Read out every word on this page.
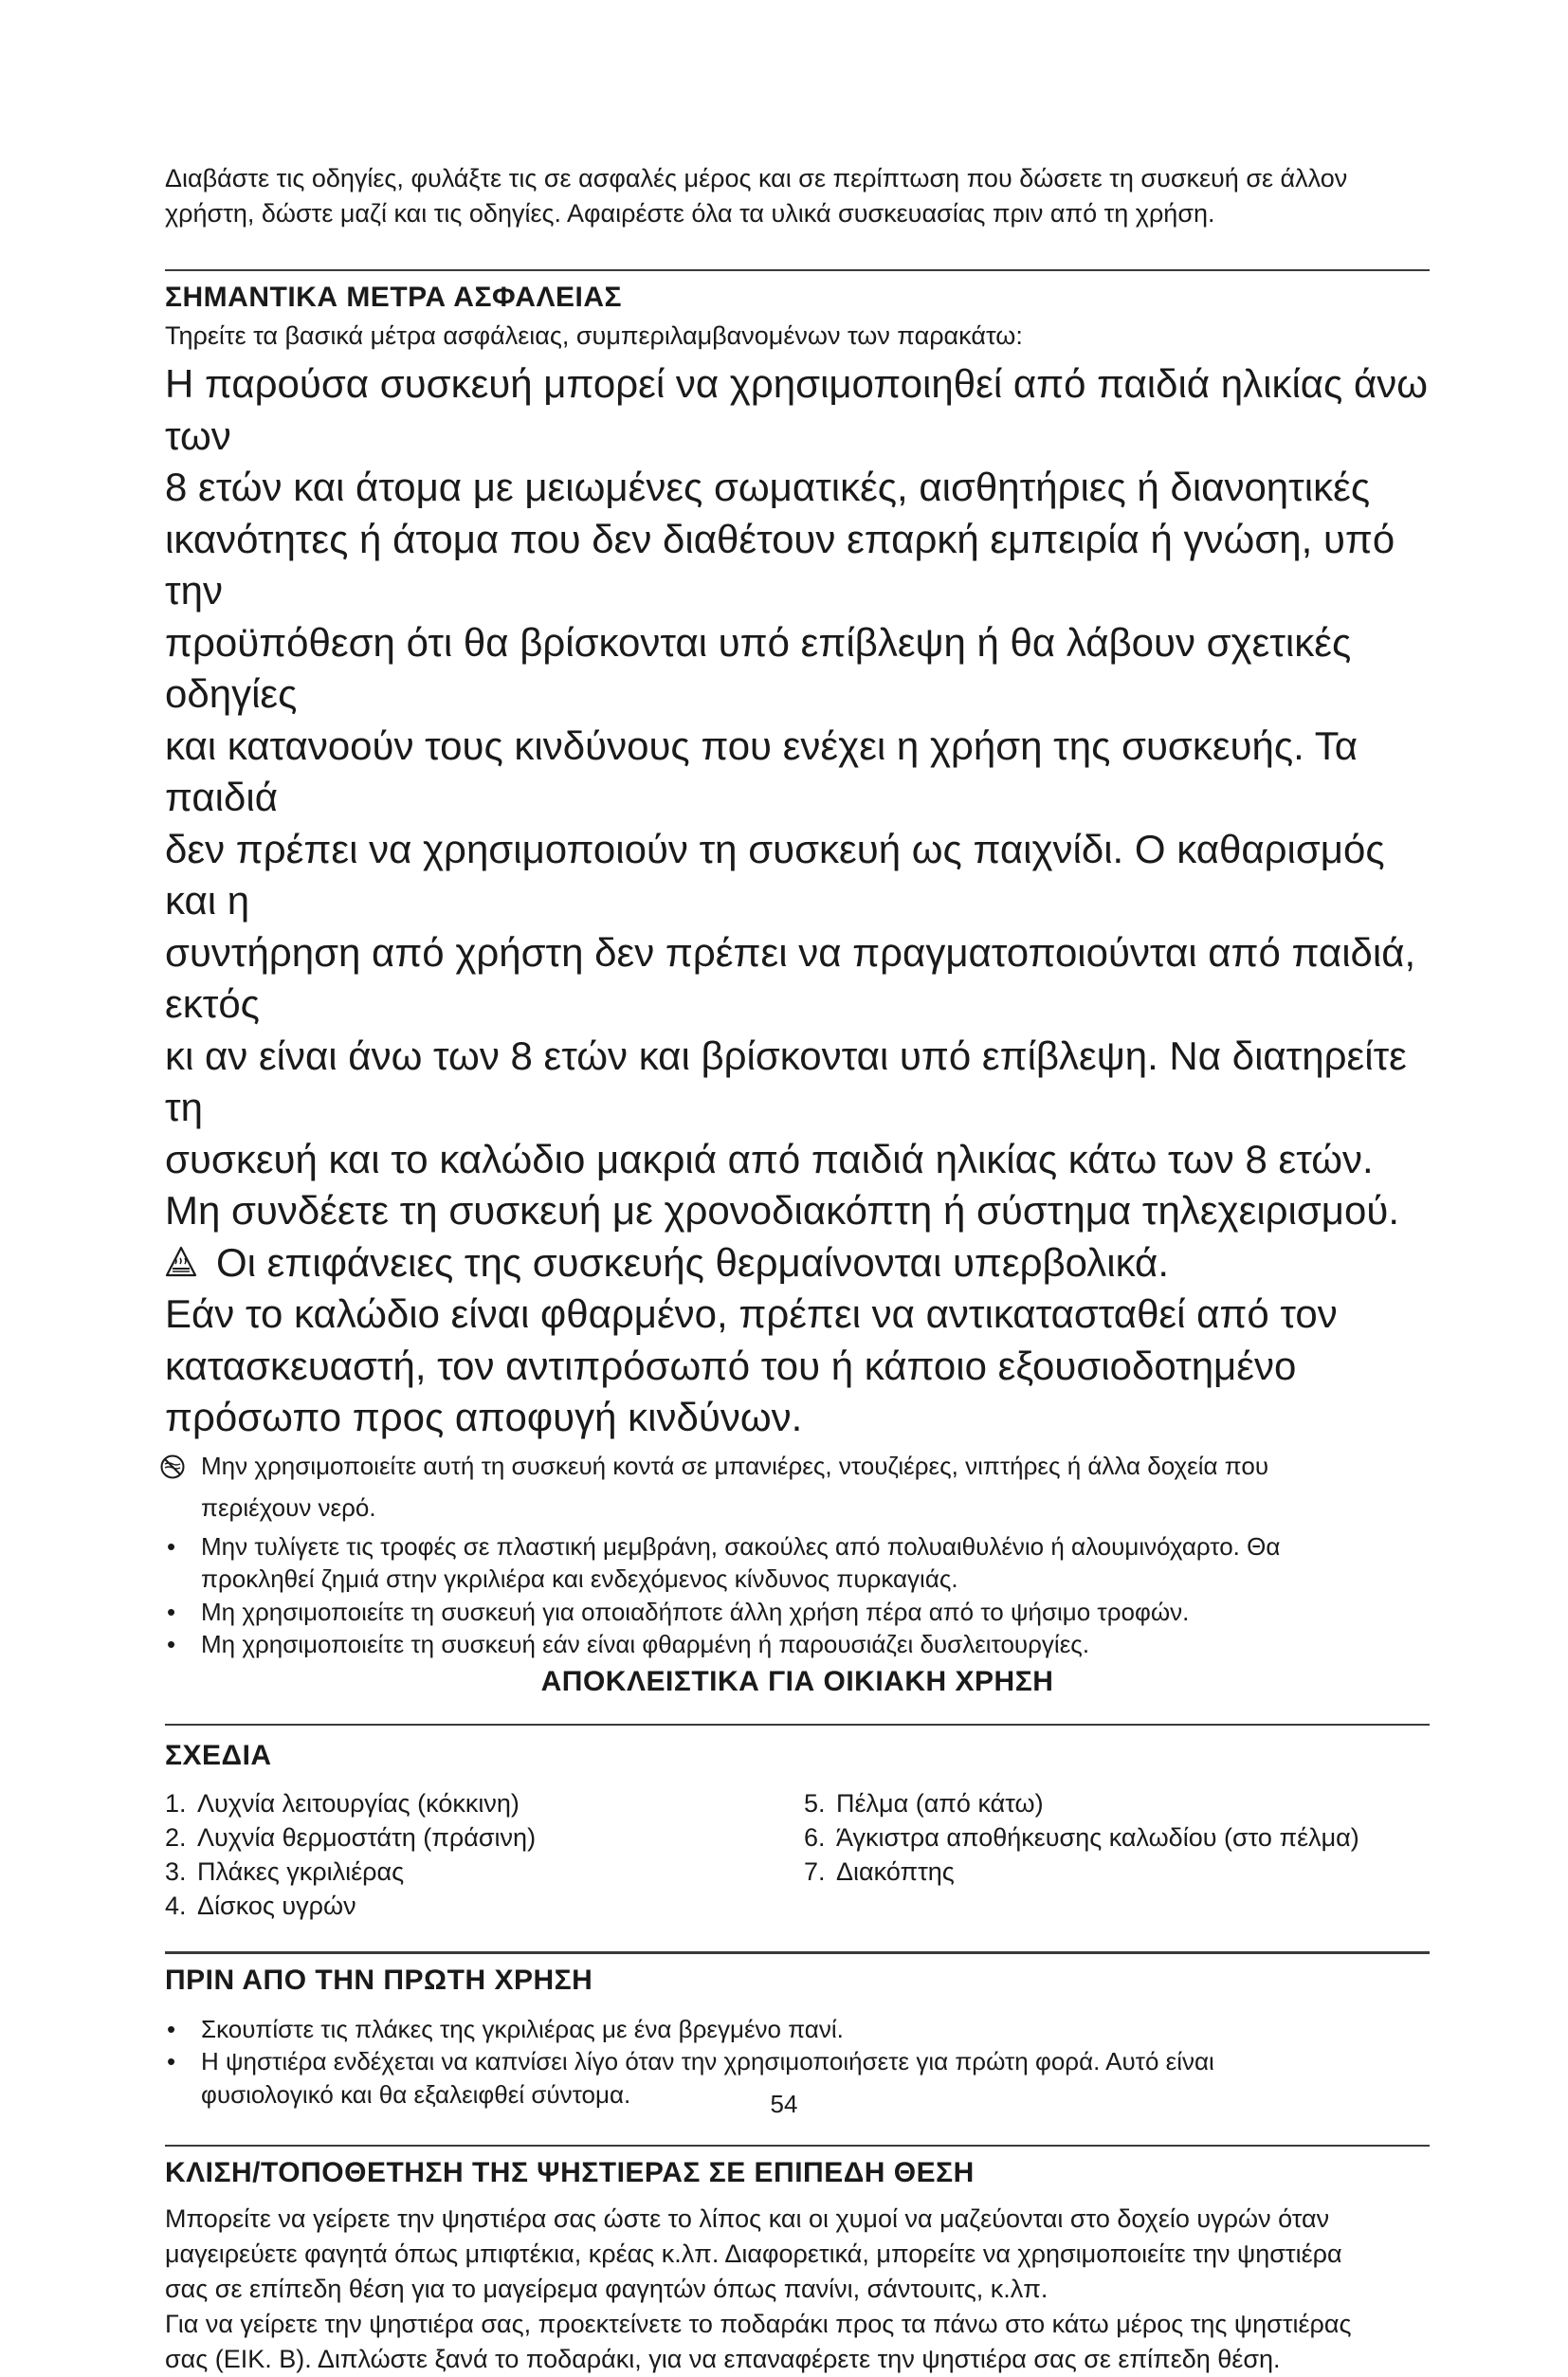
Διαβάστε τις οδηγίες, φυλάξτε τις σε ασφαλές μέρος και σε περίπτωση που δώσετε τη συσκευή σε άλλον

χρήστη, δώστε μαζί και τις οδηγίες. Αφαιρέστε όλα τα υλικά συσκευασίας πριν από τη χρήση.

ΣΗΜΑΝΤΙΚΑ ΜΕΤΡΑ ΑΣΦΑΛΕΙΑΣ

Τηρείτε τα βασικά μέτρα ασφάλειας, συμπεριλαμβανομένων των παρακάτω:

Η παρούσα συσκευή μπορεί να χρησιμοποιηθεί από παιδιά ηλικίας άνω των

8 ετών και άτομα με μειωμένες σωματικές, αισθητήριες ή διανοητικές

ικανότητες ή άτομα που δεν διαθέτουν επαρκή εμπειρία ή γνώση, υπό την

προϋπόθεση ότι θα βρίσκονται υπό επίβλεψη ή θα λάβουν σχετικές οδηγίες

και κατανοούν τους κινδύνους που ενέχει η χρήση της συσκευής. Τα παιδιά

δεν πρέπει να χρησιμοποιούν τη συσκευή ως παιχνίδι. Ο καθαρισμός και η

συντήρηση από χρήστη δεν πρέπει να πραγματοποιούνται από παιδιά, εκτός

κι αν είναι άνω των 8 ετών και βρίσκονται υπό επίβλεψη. Να διατηρείτε τη

συσκευή και το καλώδιο μακριά από παιδιά ηλικίας κάτω των 8 ετών.

Μη συνδέετε τη συσκευή με χρονοδιακόπτη ή σύστημα τηλεχειρισμού.

Οι επιφάνειες της συσκευής θερμαίνονται υπερβολικά.

Εάν το καλώδιο είναι φθαρμένο, πρέπει να αντικατασταθεί από τον

κατασκευαστή, τον αντιπρόσωπό του ή κάποιο εξουσιοδοτημένο

πρόσωπο προς αποφυγή κινδύνων.

Μην χρησιμοποιείτε αυτή τη συσκευή κοντά σε μπανιέρες, ντουζιέρες, νιπτήρες ή άλλα δοχεία που

περιέχουν νερό.

•	Μην τυλίγετε τις τροφές σε πλαστική μεμβράνη, σακούλες από πολυαιθυλένιο ή αλουμινόχαρτο. Θα

προκληθεί ζημιά στην γκριλιέρα και ενδεχόμενος κίνδυνος πυρκαγιάς.

•	Μη χρησιμοποιείτε τη συσκευή για οποιαδήποτε άλλη χρήση πέρα από το ψήσιμο τροφών.

•	Μη χρησιμοποιείτε τη συσκευή εάν είναι φθαρμένη ή παρουσιάζει δυσλειτουργίες.

ΑΠΟΚΛΕΙΣΤΙΚΑ ΓΙΑ ΟΙΚΙΑΚΗ ΧΡΗΣΗ

ΣΧΕΔΙΑ

1. Λυχνία λειτουργίας (κόκκινη)
2. Λυχνία θερμοστάτη (πράσινη)
3. Πλάκες γκριλιέρας
4. Δίσκος υγρών
5. Πέλμα (από κάτω)
6. Άγκιστρα αποθήκευσης καλωδίου (στο πέλμα)
7. Διακόπτης

ΠΡΙΝ ΑΠΟ ΤΗΝ ΠΡΩΤΗ ΧΡΗΣΗ

•	Σκουπίστε τις πλάκες της γκριλιέρας με ένα βρεγμένο πανί.

•	Η ψηστιέρα ενδέχεται να καπνίσει λίγο όταν την χρησιμοποιήσετε για πρώτη φορά. Αυτό είναι

φυσιολογικό και θα εξαλειφθεί σύντομα.

ΚΛΙΣΗ/ΤΟΠΟΘΕΤΗΣΗ ΤΗΣ ΨΗΣΤΙΕΡΑΣ ΣΕ ΕΠΙΠΕΔΗ ΘΕΣΗ

Μπορείτε να γείρετε την ψηστιέρα σας ώστε το λίπος και οι χυμοί να μαζεύονται στο δοχείο υγρών όταν

μαγειρεύετε φαγητά όπως μπιφτέκια, κρέας κ.λπ. Διαφορετικά, μπορείτε να χρησιμοποιείτε την ψηστιέρα

σας σε επίπεδη θέση για το μαγείρεμα φαγητών όπως πανίνι, σάντουιτς, κ.λπ.

Για να γείρετε την ψηστιέρα σας, προεκτείνετε το ποδαράκι προς τα πάνω στο κάτω μέρος της ψηστιέρας

σας (ΕΙΚ. Β). Διπλώστε ξανά το ποδαράκι, για να επαναφέρετε την ψηστιέρα σας σε επίπεδη θέση.

54
